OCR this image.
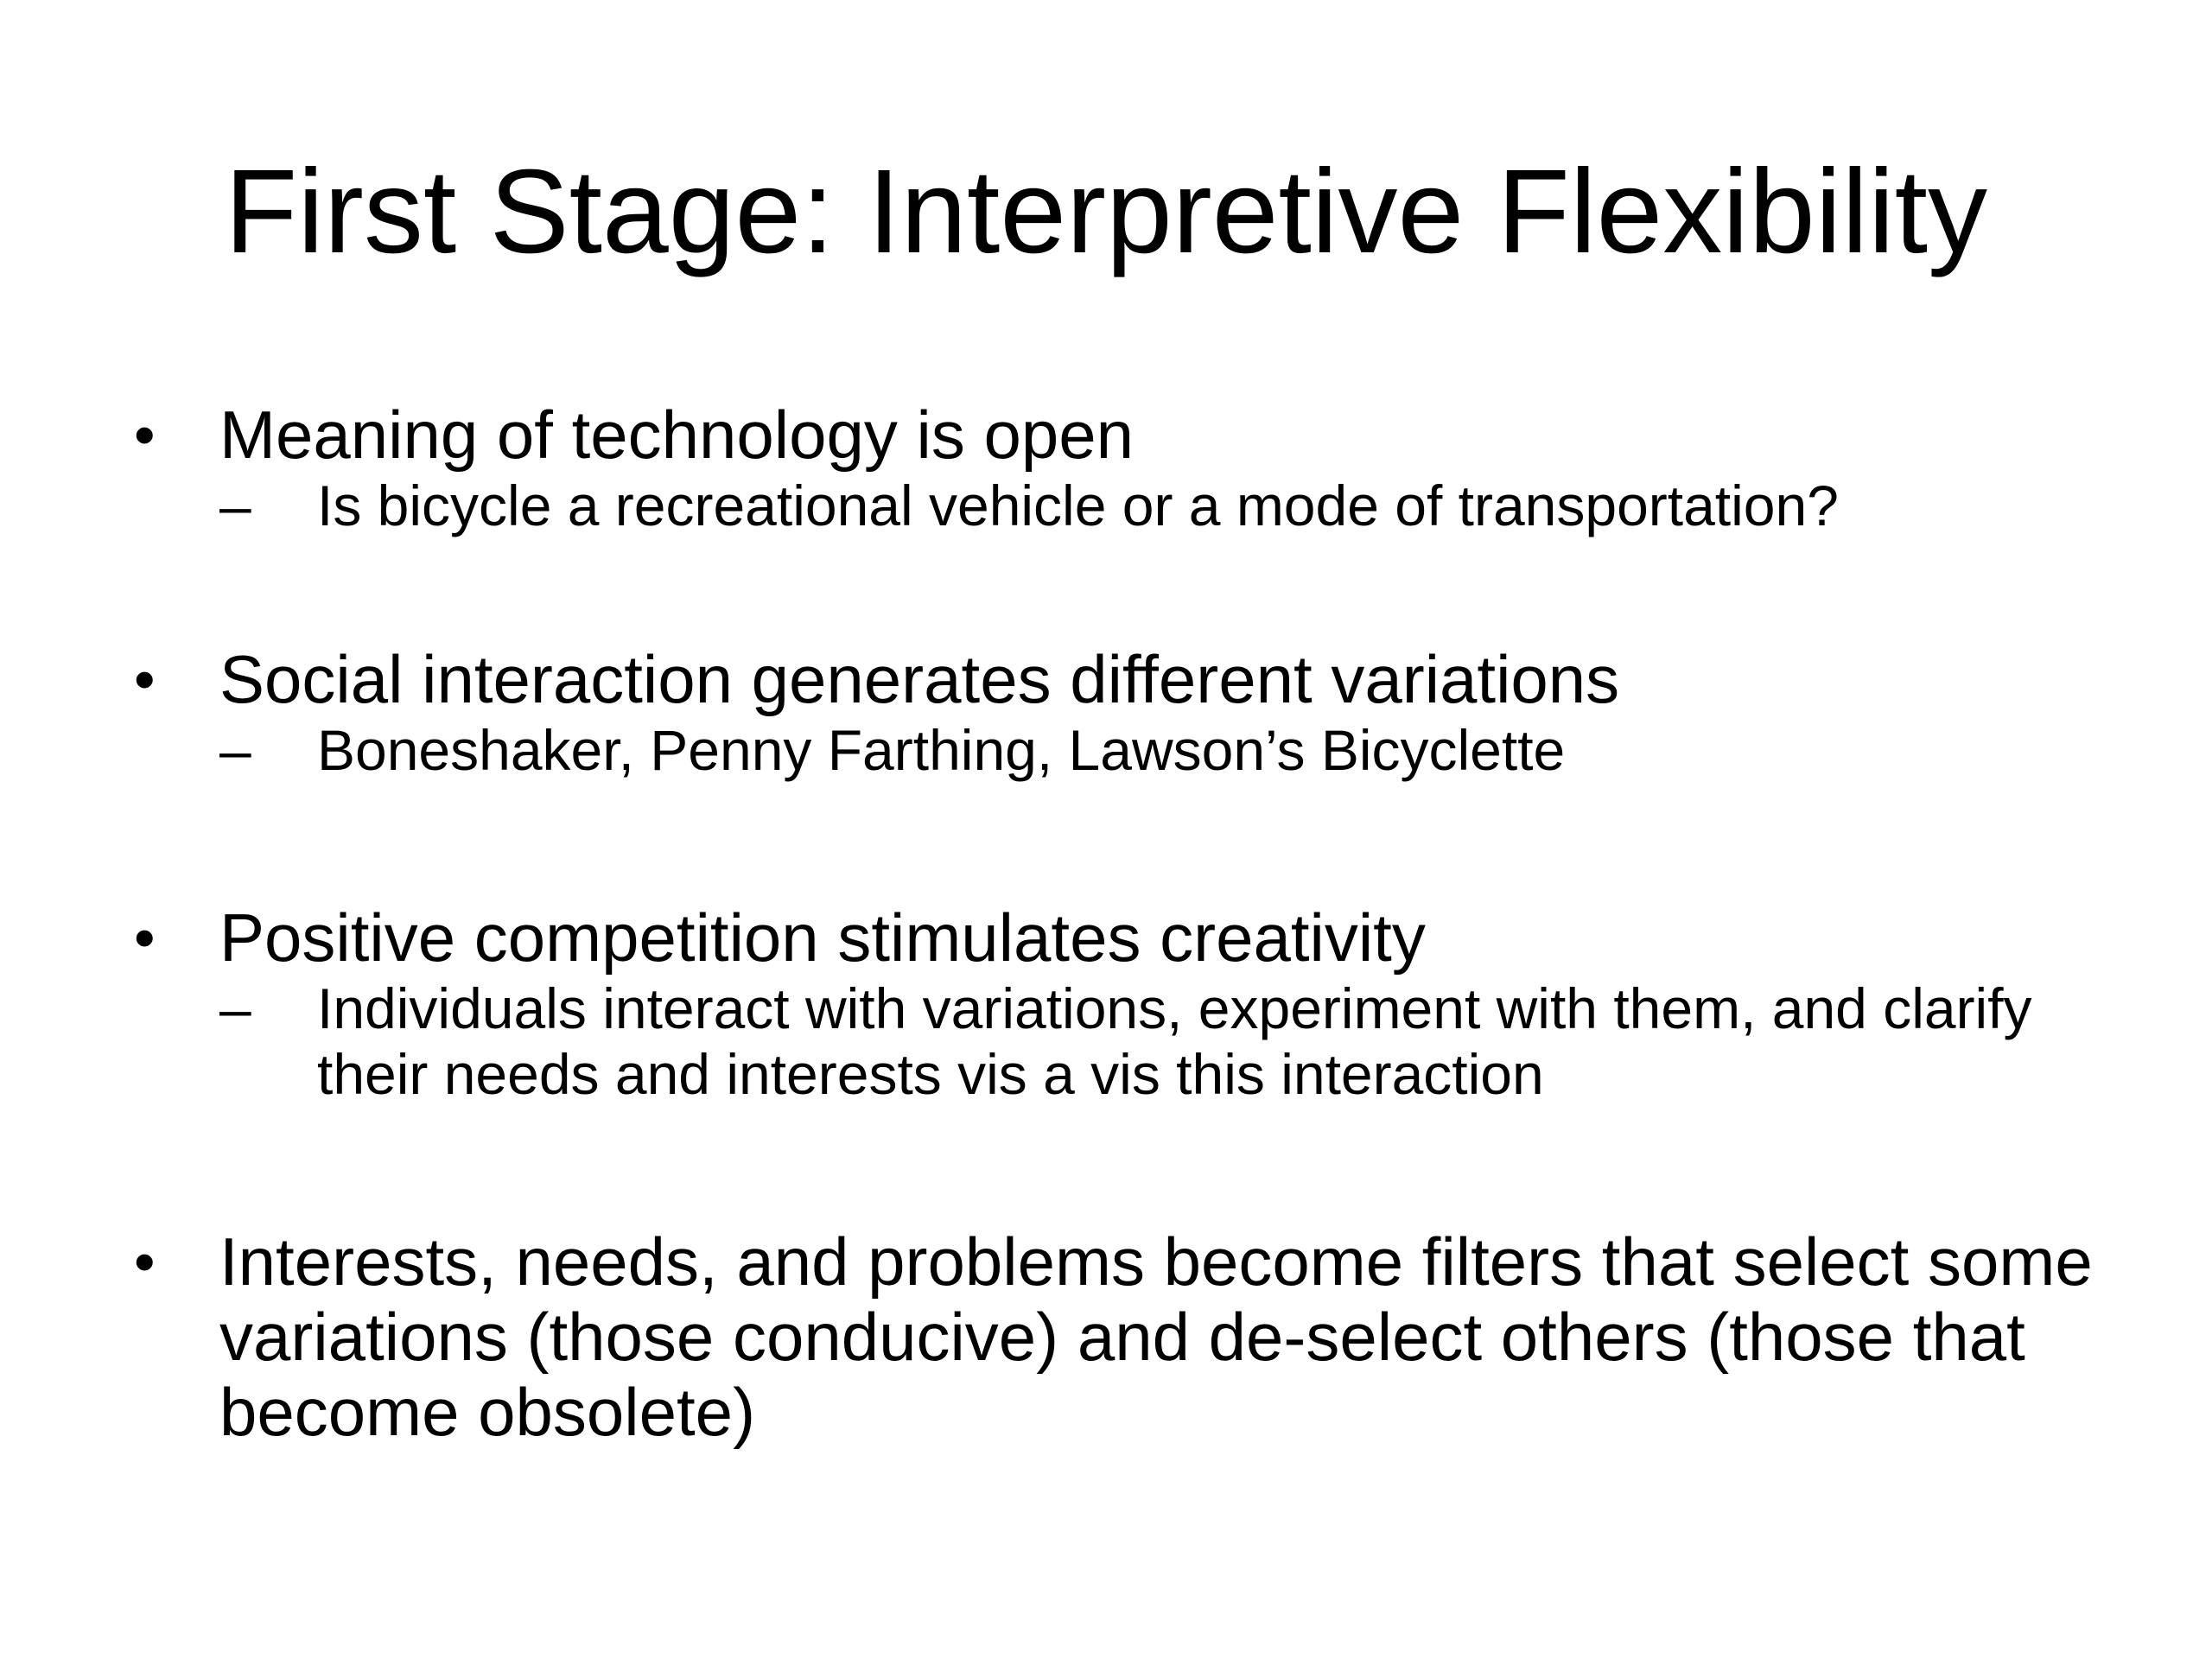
First Stage: Interpretive Flexibility
• Meaning of technology is open
– Is bicycle a recreational vehicle or a mode of transportation?
• Social interaction generates different variations
– Boneshaker, Penny Farthing, Lawson’s Bicyclette
• Positive competition stimulates creativity
– Individuals interact with variations, experiment with them, and clarify their needs and interests vis a vis this interaction
• Interests, needs, and problems become filters that select some variations (those conducive) and de-select others (those that become obsolete)
